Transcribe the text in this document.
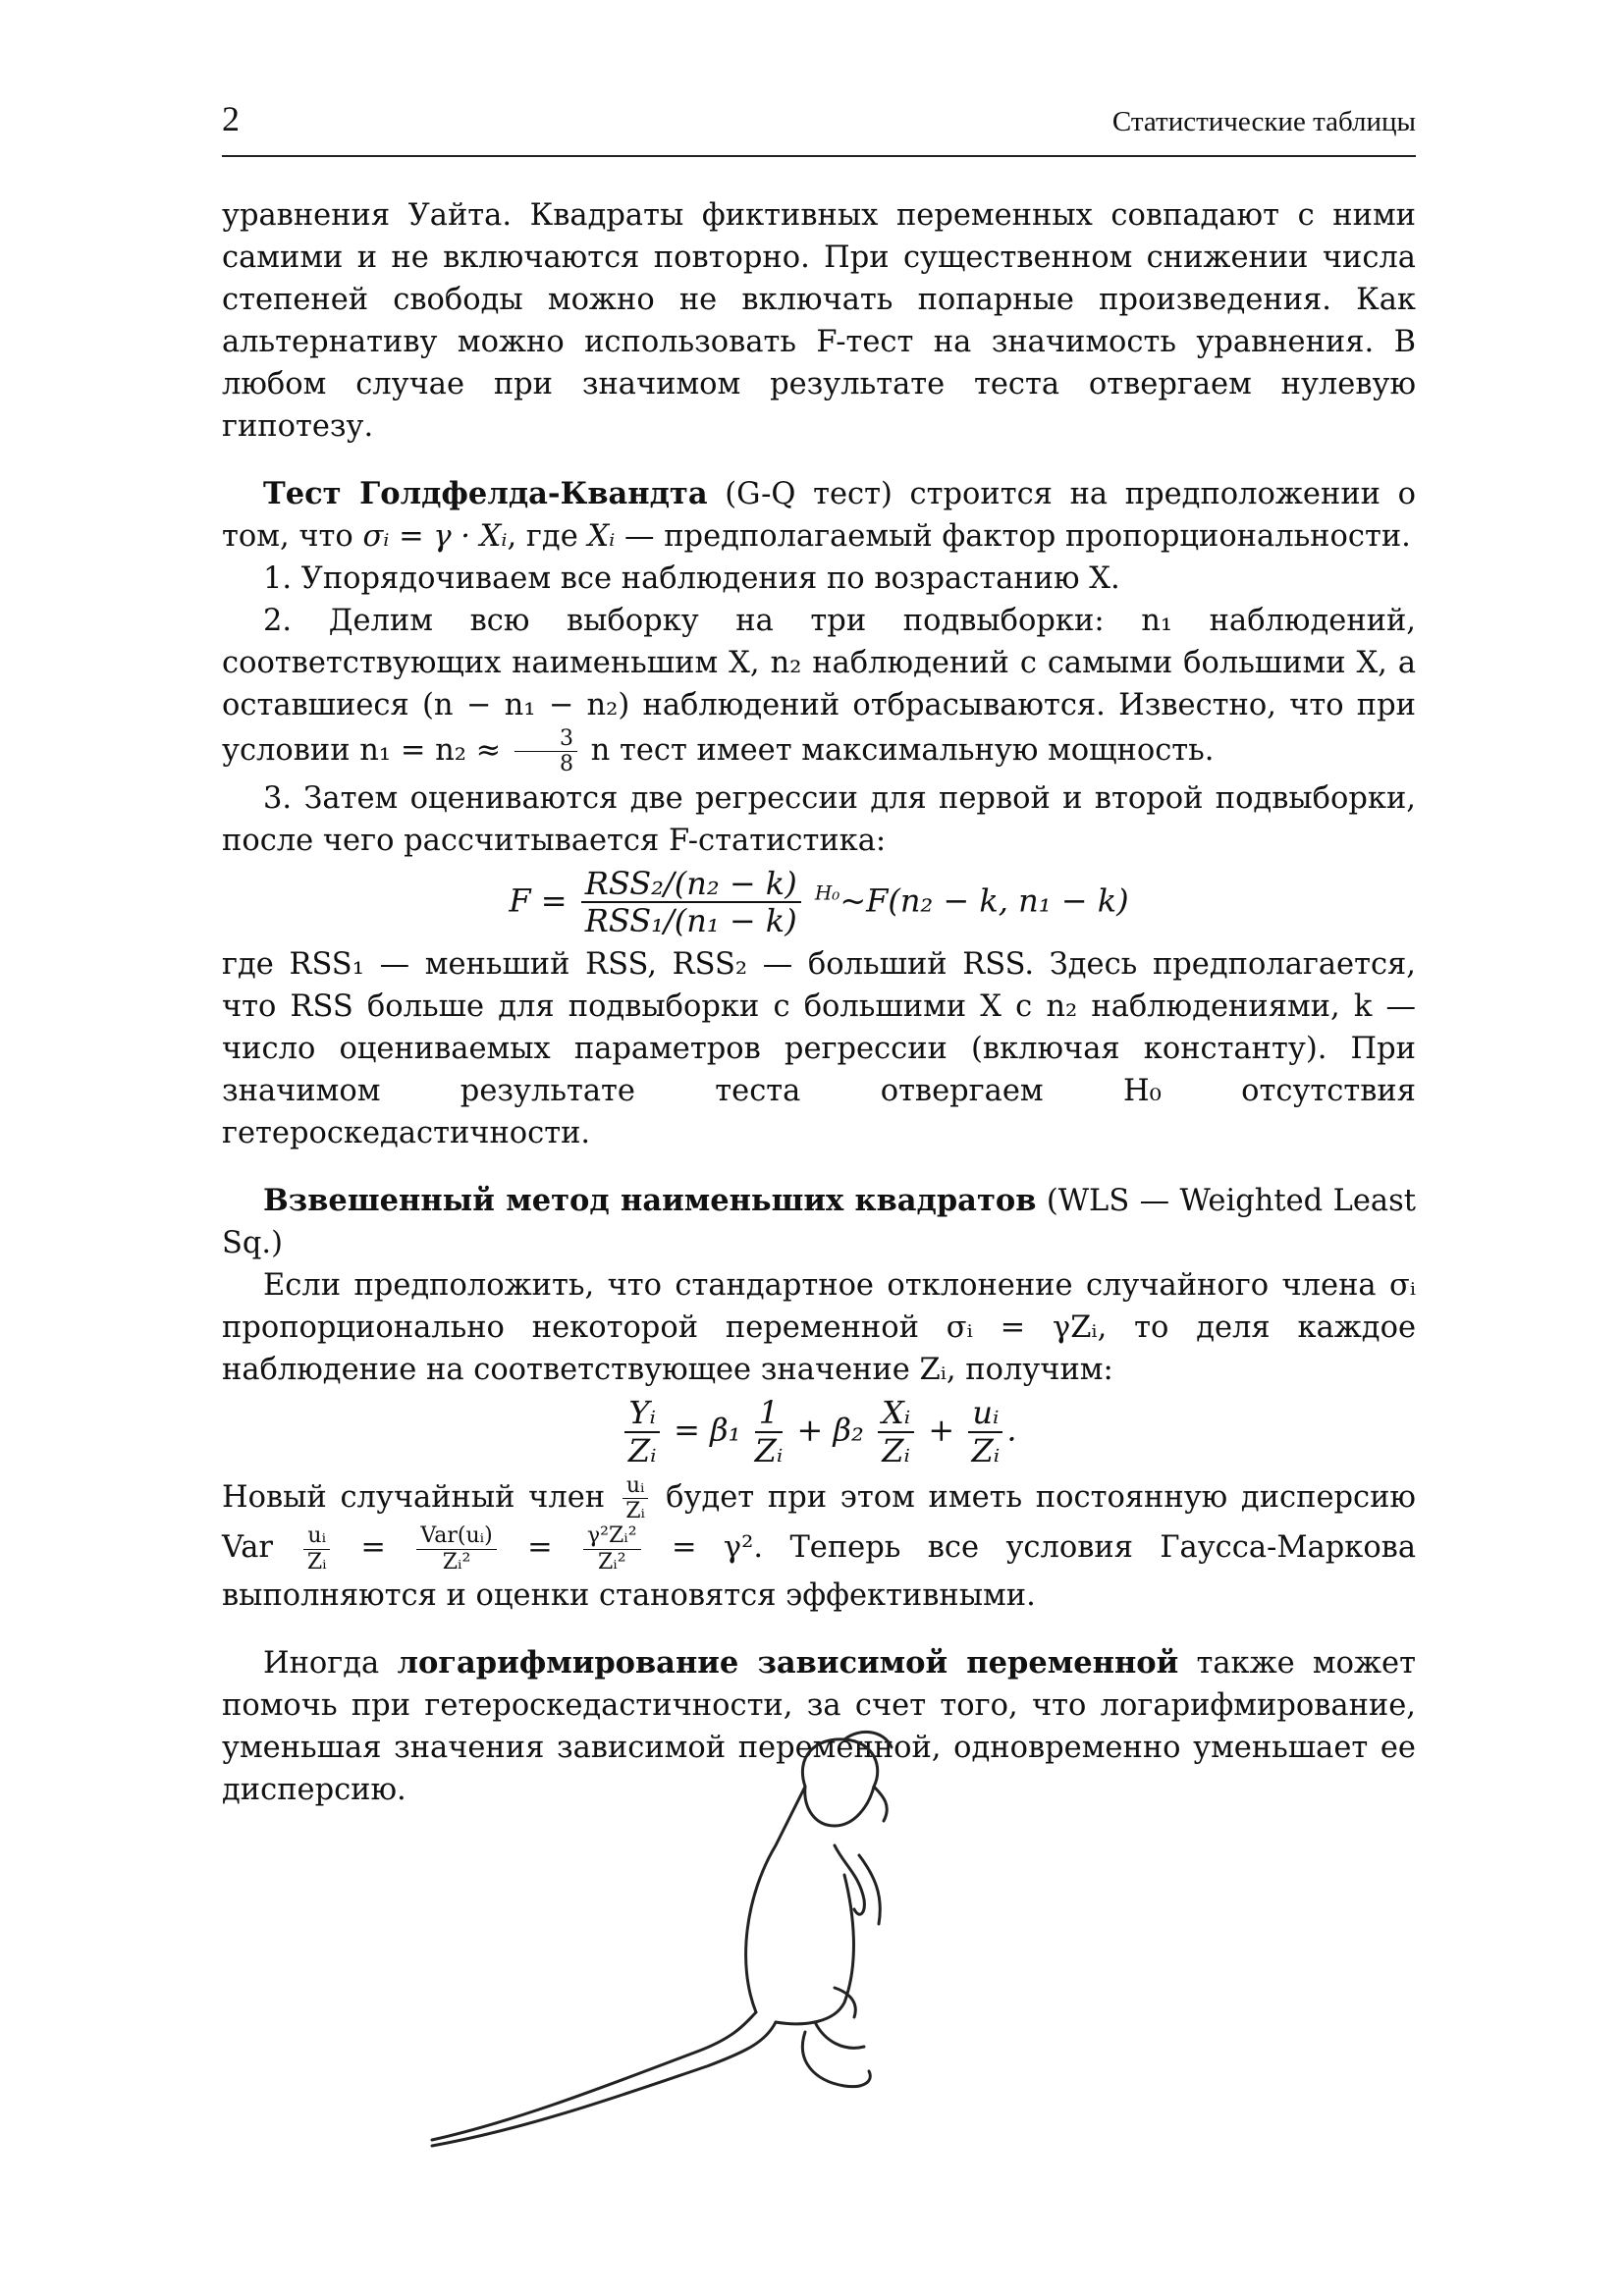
2	Статистические таблицы

уравнения Уайта. Квадраты фиктивных переменных совпадают с ними самими и не включаются повторно. При существенном снижении числа степеней свободы можно не включать попарные произведения. Как альтернативу можно использовать F-тест на значимость уравнения. В любом случае при значимом результате теста отвергаем нулевую гипотезу.

Тест Голдфелда-Квандта (G-Q тест) строится на предположении о том, что σᵢ = γ · Xᵢ, где Xᵢ — предполагаемый фактор пропорциональности.

1. Упорядочиваем все наблюдения по возрастанию X.

2. Делим всю выборку на три подвыборки: n₁ наблюдений, соответствующих наименьшим X, n₂ наблюдений с самыми большими X, а оставшиеся (n − n₁ − n₂) наблюдений отбрасываются. Известно, что при условии $n_1 = n_2 \approx \frac{3}{8}$ n тест имеет максимальную мощность.

3. Затем оцениваются две регрессии для первой и второй подвыборки, после чего рассчитывается F-статистика:

$F = \frac{\text{RSS₂/(n₂ − k)}}{\text{RSS₁/(n₁ − k)}}$ $^{H_0}$~F(n₂ − k, n₁ − k)

где RSS₁ — меньший RSS, RSS₂ — больший RSS. Здесь предполагается, что RSS больше для подвыборки с большими X с n₂ наблюдениями, k — число оцениваемых параметров регрессии (включая константу). При значимом результате теста отвергаем H₀ отсутствия гетероскедастичности.

Взвешенный метод наименьших квадратов (WLS — Weighted Least Sq.)

Если предположить, что стандартное отклонение случайного члена σᵢ пропорционально некоторой переменной σᵢ = γZᵢ, то деля каждое наблюдение на соответствующее значение Zᵢ, получим:

$\frac{\text{Yᵢ}}{\text{Zᵢ}} = \beta_1 \frac{1}{\text{Zᵢ}} + \beta_2 \frac{\text{Xᵢ}}{\text{Zᵢ}} + \frac{\text{uᵢ}}{\text{Zᵢ}}$ .

Новый случайный член $\frac{\text{uᵢ}}{\text{Zᵢ}}$ будет при этом иметь постоянную дисперсию Var $\frac{\text{uᵢ}}{\text{Zᵢ}} = \frac{\text{Var(uᵢ)}}{\text{Zᵢ²}} = \frac{\text{γ²Zᵢ²}}{\text{Zᵢ²}} = \gamma^2$. Теперь все условия Гаусса-Маркова выполняются и оценки становятся эффективными.

Иногда логарифмирование зависимой переменной также может помочь при гетероскедастичности, за счет того, что логарифмирование, уменьшая значения зависимой переменной, одновременно уменьшает ее дисперсию.
